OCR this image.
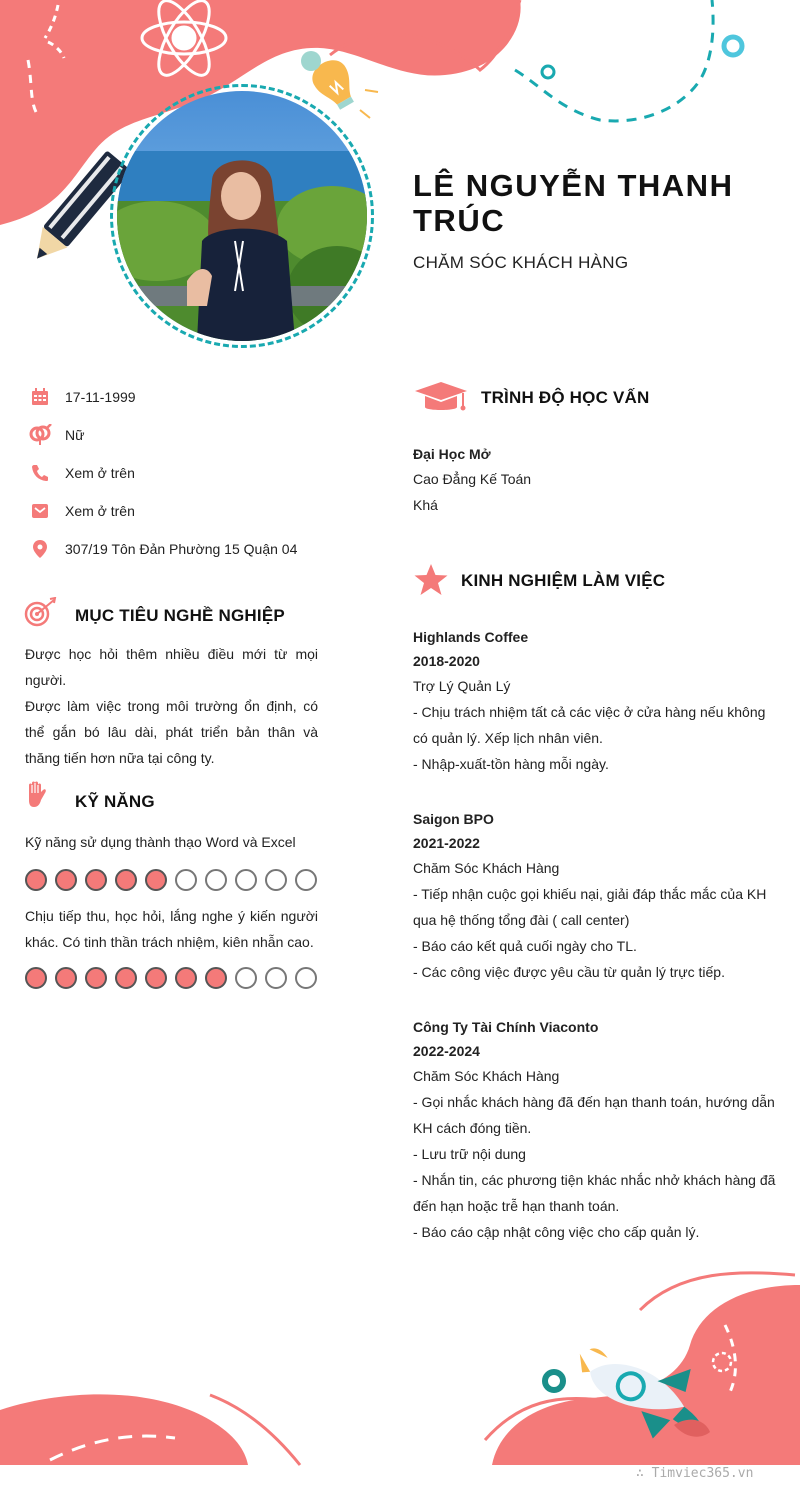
LÊ NGUYỄN THANH TRÚC
CHĂM SÓC KHÁCH HÀNG
17-11-1999
Nữ
Xem ở trên
Xem ở trên
307/19 Tôn Đản Phường 15 Quận 04
MỤC TIÊU NGHỀ NGHIỆP
Được học hỏi thêm nhiều điều mới từ mọi người.
Được làm việc trong môi trường ổn định, có thể gắn bó lâu dài, phát triển bản thân và thăng tiến hơn nữa tại công ty.
KỸ NĂNG
Kỹ năng sử dụng thành thạo Word và Excel
Chịu tiếp thu, học hỏi, lắng nghe ý kiến người khác. Có tinh thần trách nhiệm, kiên nhẫn cao.
TRÌNH ĐỘ HỌC VẤN
Đại Học Mở
Cao Đẳng Kế Toán
Khá
KINH NGHIỆM LÀM VIỆC
Highlands Coffee
2018-2020
Trợ Lý Quản Lý
- Chịu trách nhiệm tất cả các việc ở cửa hàng nếu không có quản lý. Xếp lịch nhân viên.
- Nhập-xuất-tồn hàng mỗi ngày.
Saigon BPO
2021-2022
Chăm Sóc Khách Hàng
- Tiếp nhận cuộc gọi khiếu nại, giải đáp thắc mắc của KH qua hệ thống tổng đài ( call center)
- Báo cáo kết quả cuối ngày cho TL.
- Các công việc được yêu cầu từ quản lý trực tiếp.
Công Ty Tài Chính Viaconto
2022-2024
Chăm Sóc Khách Hàng
- Gọi nhắc khách hàng đã đến hạn thanh toán, hướng dẫn KH cách đóng tiền.
- Lưu trữ nội dung
- Nhắn tin, các phương tiện khác nhắc nhở khách hàng đã đến hạn hoặc trễ hạn thanh toán.
- Báo cáo cập nhật công việc cho cấp quản lý.
∴ Timviec365.vn
